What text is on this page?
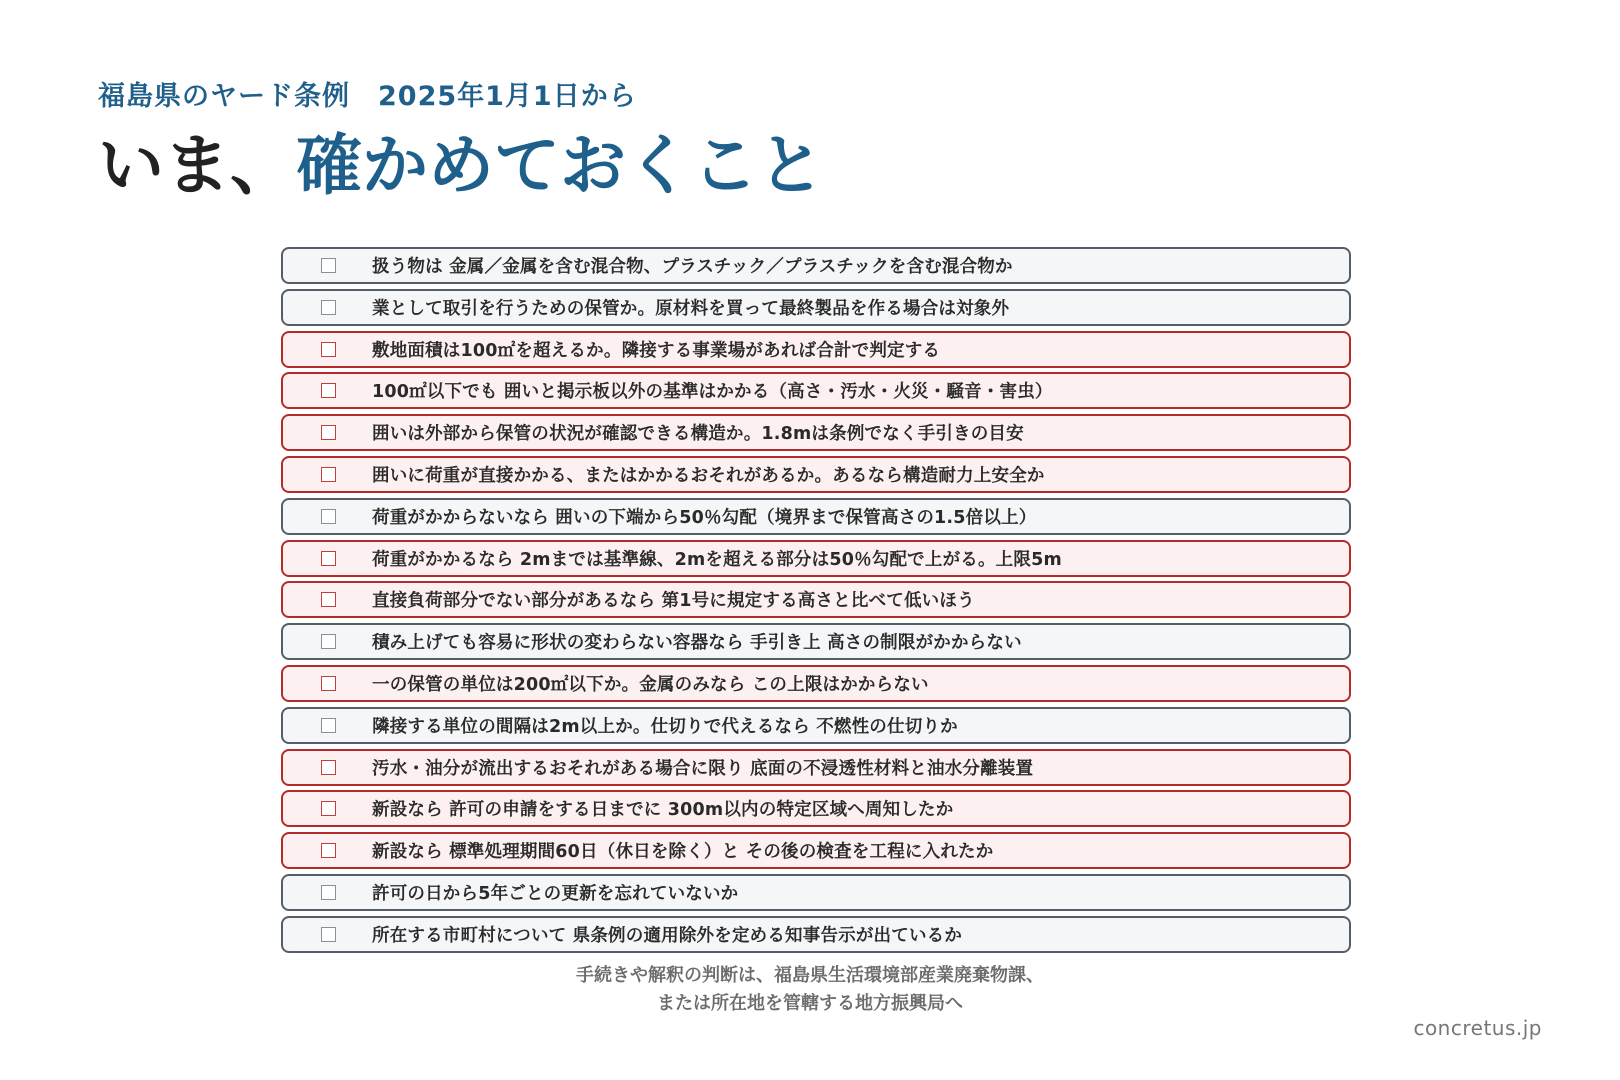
福島県のヤード条例　2025年1月1日から
いま、確かめておくこと
扱う物は 金属／金属を含む混合物、プラスチック／プラスチックを含む混合物か
業として取引を行うための保管か。原材料を買って最終製品を作る場合は対象外
敷地面積は100㎡を超えるか。隣接する事業場があれば合計で判定する
100㎡以下でも 囲いと掲示板以外の基準はかかる（高さ・汚水・火災・騒音・害虫）
囲いは外部から保管の状況が確認できる構造か。1.8mは条例でなく手引きの目安
囲いに荷重が直接かかる、またはかかるおそれがあるか。あるなら構造耐力上安全か
荷重がかからないなら 囲いの下端から50％勾配（境界まで保管高さの1.5倍以上）
荷重がかかるなら 2mまでは基準線、2mを超える部分は50％勾配で上がる。上限5m
直接負荷部分でない部分があるなら 第1号に規定する高さと比べて低いほう
積み上げても容易に形状の変わらない容器なら 手引き上 高さの制限がかからない
一の保管の単位は200㎡以下か。金属のみなら この上限はかからない
隣接する単位の間隔は2m以上か。仕切りで代えるなら 不燃性の仕切りか
汚水・油分が流出するおそれがある場合に限り 底面の不浸透性材料と油水分離装置
新設なら 許可の申請をする日までに 300m以内の特定区域へ周知したか
新設なら 標準処理期間60日（休日を除く）と その後の検査を工程に入れたか
許可の日から5年ごとの更新を忘れていないか
所在する市町村について 県条例の適用除外を定める知事告示が出ているか
手続きや解釈の判断は、福島県生活環境部産業廃棄物課、
または所在地を管轄する地方振興局へ
concretus.jp
